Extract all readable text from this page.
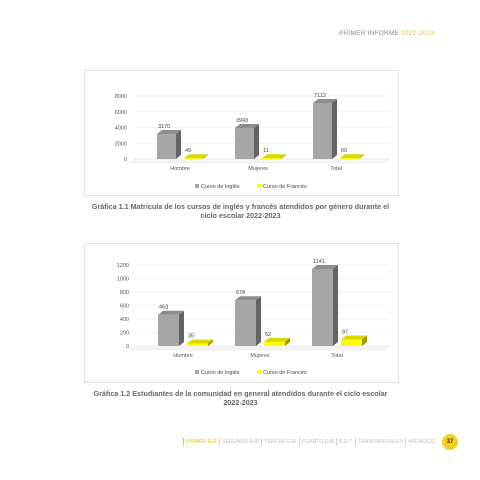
PRIMER INFORME 2022-2023
0
2000
4000
6000
8000
3170
49
Hombre
3943
11
Mujeres
7113
60
Total
Curso de Inglés	Curso de Francés
Gráfica 1.1 Matrícula de los cursos de inglés y francés atendidos por género durante el ciclo escolar 2022-2023
0
200
400
600
800
1000
1200
463
35
Hombre
678
62
Mujeres
1141
97
Total
Curso de Inglés	Curso de Francés
Gráfica 1.2 Estudiantes de la comunidad en general atendidos durante el ciclo escolar 2022-2023
PRIMER EJE SEGUNDO EJE TERCER EJE CUARTO EJE E.E.T. TRANSVERSALES APENDICE	37
